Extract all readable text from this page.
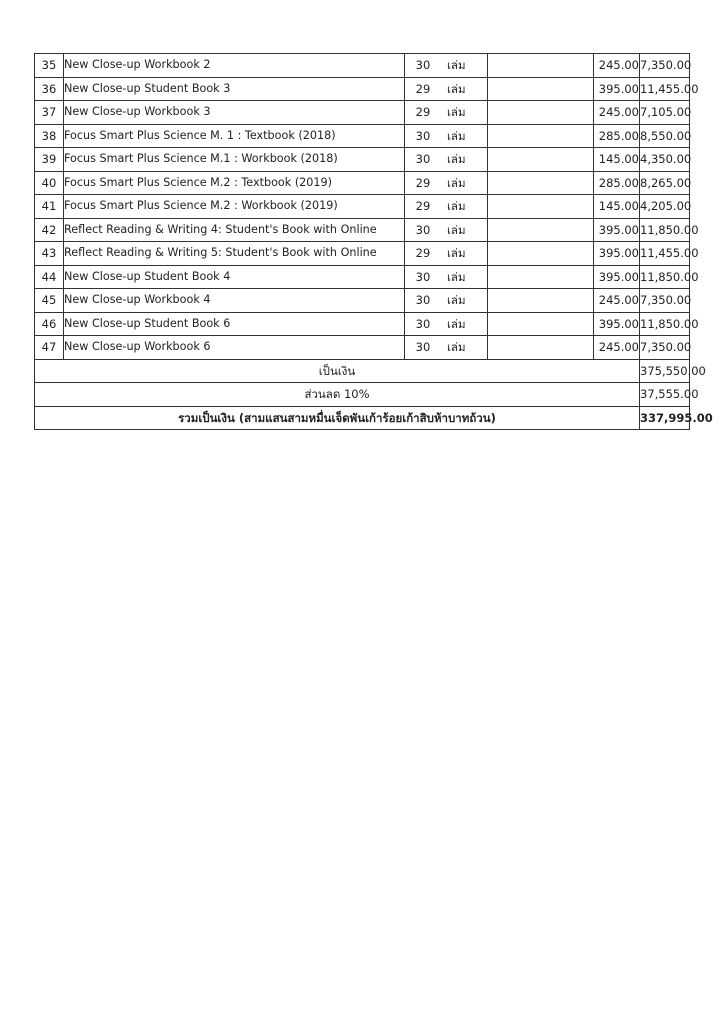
35	New Close-up Workbook 2	30 เล่ม		245.00	7,350.00
36	New Close-up Student Book 3	29 เล่ม		395.00	11,455.00
37	New Close-up Workbook 3	29 เล่ม		245.00	7,105.00
38	Focus Smart Plus Science M. 1 : Textbook (2018)	30 เล่ม		285.00	8,550.00
39	Focus Smart Plus Science M.1 : Workbook (2018)	30 เล่ม		145.00	4,350.00
40	Focus Smart Plus Science M.2 : Textbook (2019)	29 เล่ม		285.00	8,265.00
41	Focus Smart Plus Science M.2 : Workbook (2019)	29 เล่ม		145.00	4,205.00
42	Reflect Reading & Writing 4: Student's Book with Online	30 เล่ม		395.00	11,850.00
43	Reflect Reading & Writing 5: Student's Book with Online	29 เล่ม		395.00	11,455.00
44	New Close-up Student Book 4	30 เล่ม		395.00	11,850.00
45	New Close-up Workbook 4	30 เล่ม		245.00	7,350.00
46	New Close-up Student Book 6	30 เล่ม		395.00	11,850.00
47	New Close-up Workbook 6	30 เล่ม		245.00	7,350.00
เป็นเงิน					375,550.00
ส่วนลด 10%					37,555.00
รวมเป็นเงิน (สามแสนสามหมื่นเจ็ดพันเก้าร้อยเก้าสิบห้าบาทถ้วน)					337,995.00
